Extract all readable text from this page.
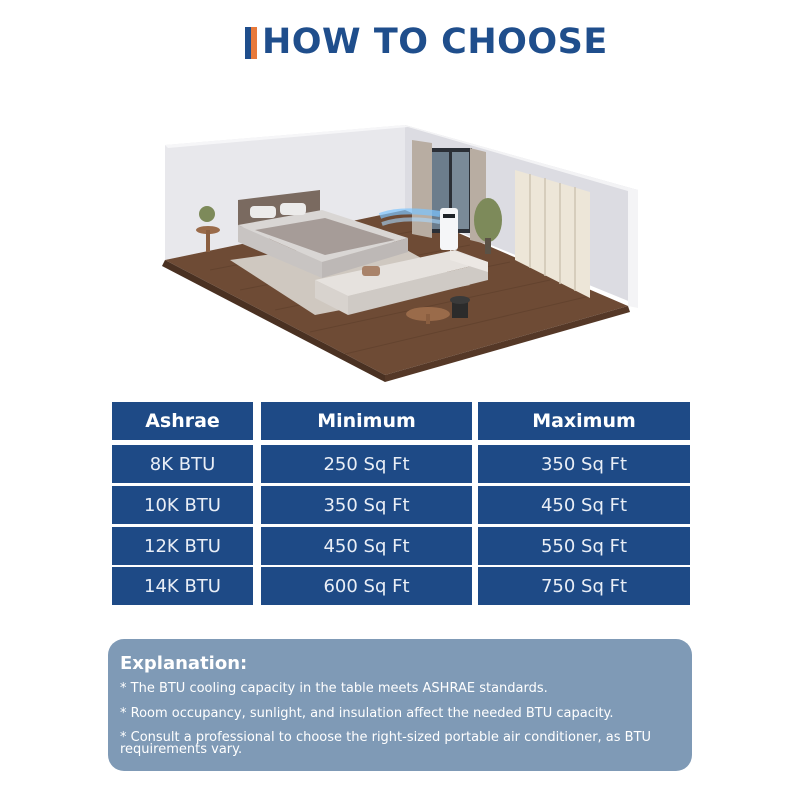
HOW TO CHOOSE
Ashrae	Minimum	Maximum
8K BTU	250 Sq Ft	350 Sq Ft
10K BTU	350 Sq Ft	450 Sq Ft
12K BTU	450 Sq Ft	550 Sq Ft
14K BTU	600 Sq Ft	750 Sq Ft
Explanation:
* The BTU cooling capacity in the table meets ASHRAE standards.
* Room occupancy, sunlight, and insulation affect the needed BTU capacity.
* Consult a professional to choose the right-sized portable air conditioner, as BTU requirements vary.
